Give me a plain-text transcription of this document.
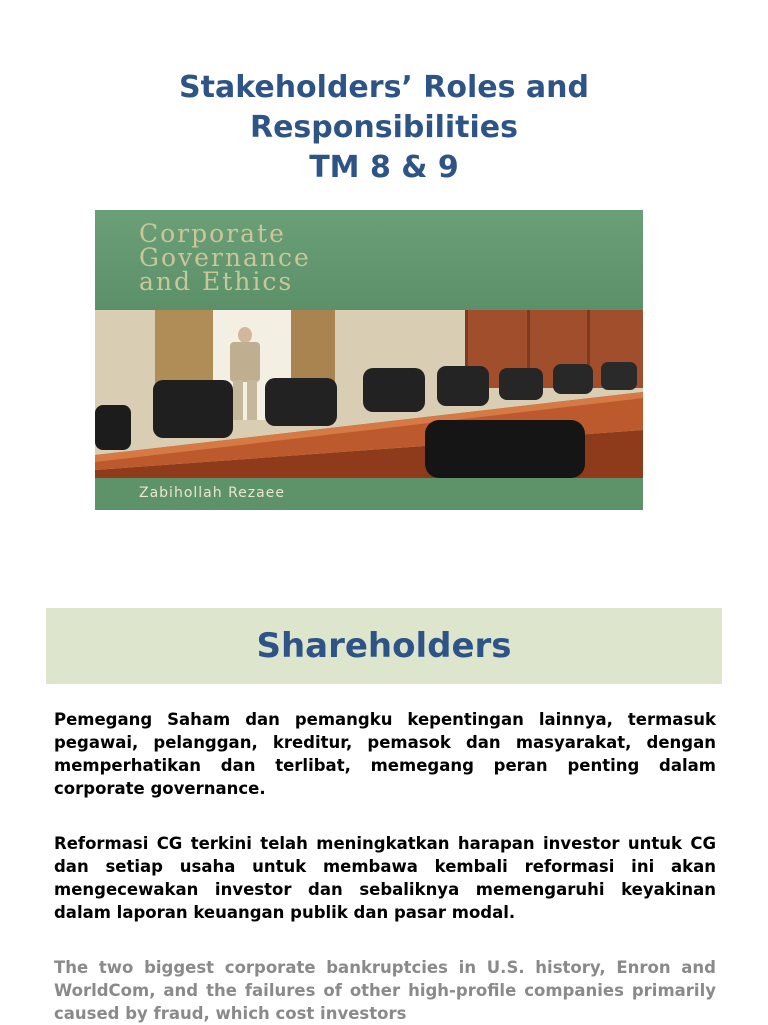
Stakeholders’ Roles and
Responsibilities
TM 8 & 9
Corporate
Governance
and Ethics
Zabihollah Rezaee
Shareholders

Pemegang Saham dan pemangku kepentingan lainnya, termasuk pegawai, pelanggan, kreditur, pemasok dan masyarakat, dengan memperhatikan dan terlibat, memegang peran penting dalam corporate governance.

Reformasi CG terkini telah meningkatkan harapan investor untuk CG dan setiap usaha untuk membawa kembali reformasi ini akan mengecewakan investor dan sebaliknya memengaruhi keyakinan dalam laporan keuangan publik dan pasar modal.

The two biggest corporate bankruptcies in U.S. history, Enron and WorldCom, and the failures of other high-profile companies primarily caused by fraud, which cost investors
